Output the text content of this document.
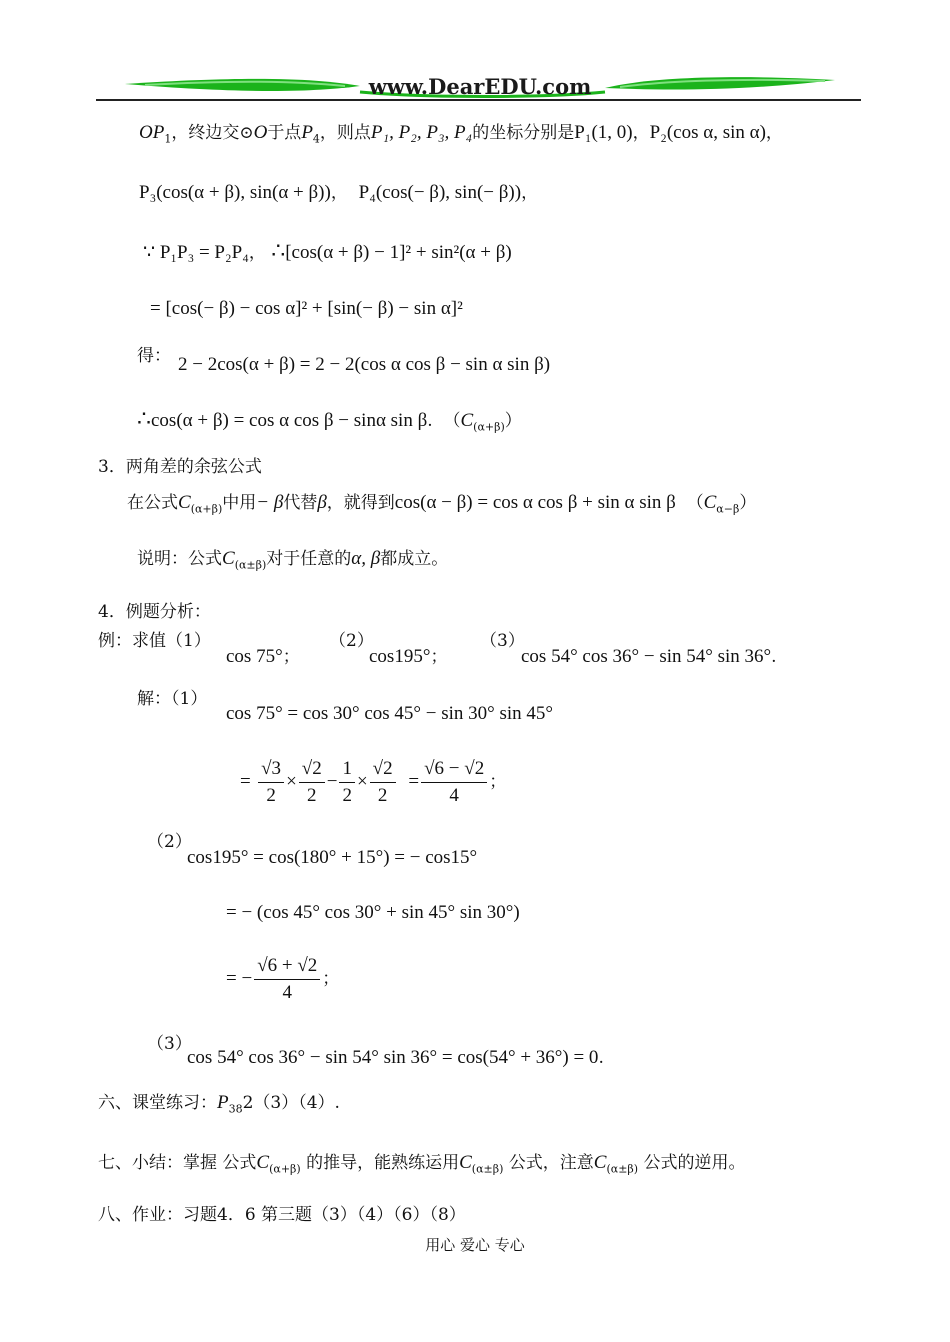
www.DearEDU.com
$OP_1$，终边交⊙O于点$P_4$，则点P₁, P₂, P₃, P₄的坐标分别是P₁(1, 0)，P₂(cos α, sin α)，
P₃(cos(α + β), sin(α + β))， P₄(cos(− β), sin(− β))，
∵ P₁P₃ = P₂P₄， ∴[cos(α + β) − 1]² + sin²(α + β)
= [cos(− β) − cos α]² + [sin(− β) − sin α]²
得： 2 − 2cos(α + β) = 2 − 2(cos α cos β − sin α sin β)
∴cos(α + β) = cos α cos β − sinα sin β. $(C_{(\alpha+\beta)})$
3．两角差的余弦公式
在公式$C_{(\alpha+\beta)}$中用− β代替β，就得到cos(α − β) = cos α cos β + sin α sin β $(C_{\alpha-\beta})$
说明：公式$C_{(\alpha\pm\beta)}$对于任意的α, β都成立。
4．例题分析：
例：求值（1）
cos 75°；
（2）
cos195°；
（3）
cos 54° cos 36° − sin 54° sin 36°.
解：（1）
cos 75° = cos 30° cos 45° − sin 30° sin 45°
= $\frac{√3}{2} \times \frac{√2}{2} - \frac{1}{2} \times \frac{√2}{2} = \frac{√6 - √2}{4}$ ；
（2）
cos195° = cos(180° + 15°) = − cos15°
= − (cos 45° cos 30° + sin 45° sin 30°)
= − $\frac{√6 + √2}{4}$ ；
（3）
cos 54° cos 36° − sin 54° sin 36° = cos(54° + 36°) = 0.
六、课堂练习：$P_{38}2(3)(4)$.
七、小结：掌握 公式$C_{(\alpha+\beta)}$ 的推导，能熟练运用$C_{(\alpha\pm\beta)}$ 公式，注意$C_{(\alpha\pm\beta)}$ 公式的逆用。
八、作业：习题4．6 第三题（3）（4）（6）（8）
用心 爱心 专心
